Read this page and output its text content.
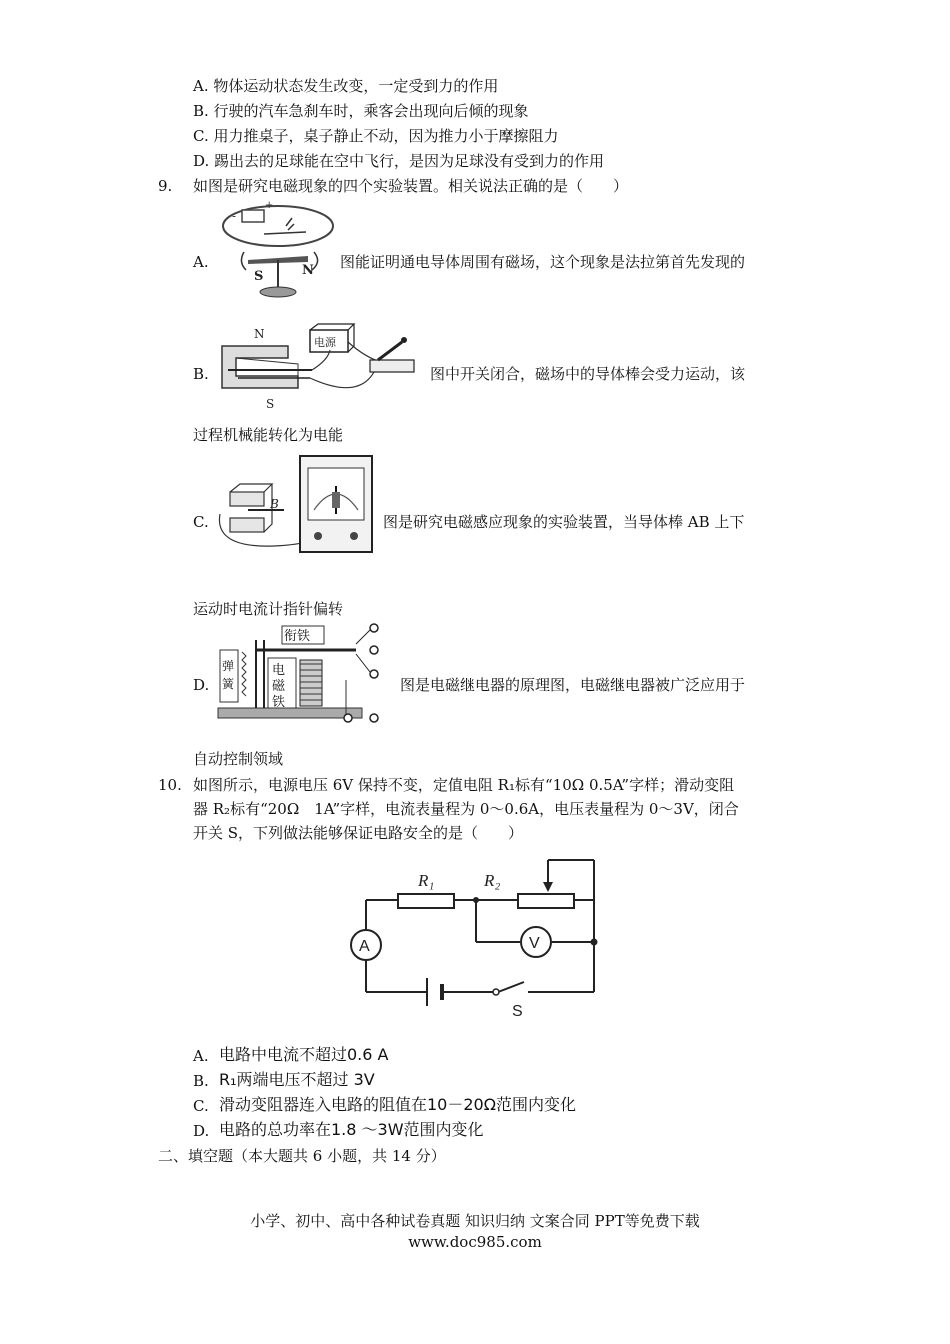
A. 物体运动状态发生改变，一定受到力的作用
B. 行驶的汽车急刹车时，乘客会出现向后倾的现象
C. 用力推桌子，桌子静止不动，因为推力小于摩擦阻力
D. 踢出去的足球能在空中飞行，是因为足球没有受到力的作用
9. 如图是研究电磁现象的四个实验装置。相关说法正确的是（　　）
A.
+
-
S	N 图能证明通电导体周围有磁场，这个现象是法拉第首先发现的
B.
N
S
电源
图中开关闭合，磁场中的导体棒会受力运动，该
过程机械能转化为电能
C.
B
图是研究电磁感应现象的实验装置，当导体棒 AB 上下
运动时电流计指针偏转
D.
衔铁
弹
簧
电
磁
铁
图是电磁继电器的原理图，电磁继电器被广泛应用于
自动控制领域
10. 如图所示，电源电压 6V 保持不变，定值电阻 R₁标有“10Ω 0.5A”字样；滑动变阻
器 R₂标有“20Ω　1A”字样，电流表量程为 0～0.6A，电压表量程为 0～3V，闭合
开关 S，下列做法能够保证电路安全的是（　　）
R₁	R₂
A	V
S
A. 电路中电流不超过0.6 A
B. R₁两端电压不超过 3V
C. 滑动变阻器连入电路的阻值在10－20Ω范围内变化
D. 电路的总功率在1.8 ～3W范围内变化
二、填空题（本大题共 6 小题，共 14 分）
小学、初中、高中各种试卷真题 知识归纳 文案合同 PPT等免费下载
www.doc985.com
